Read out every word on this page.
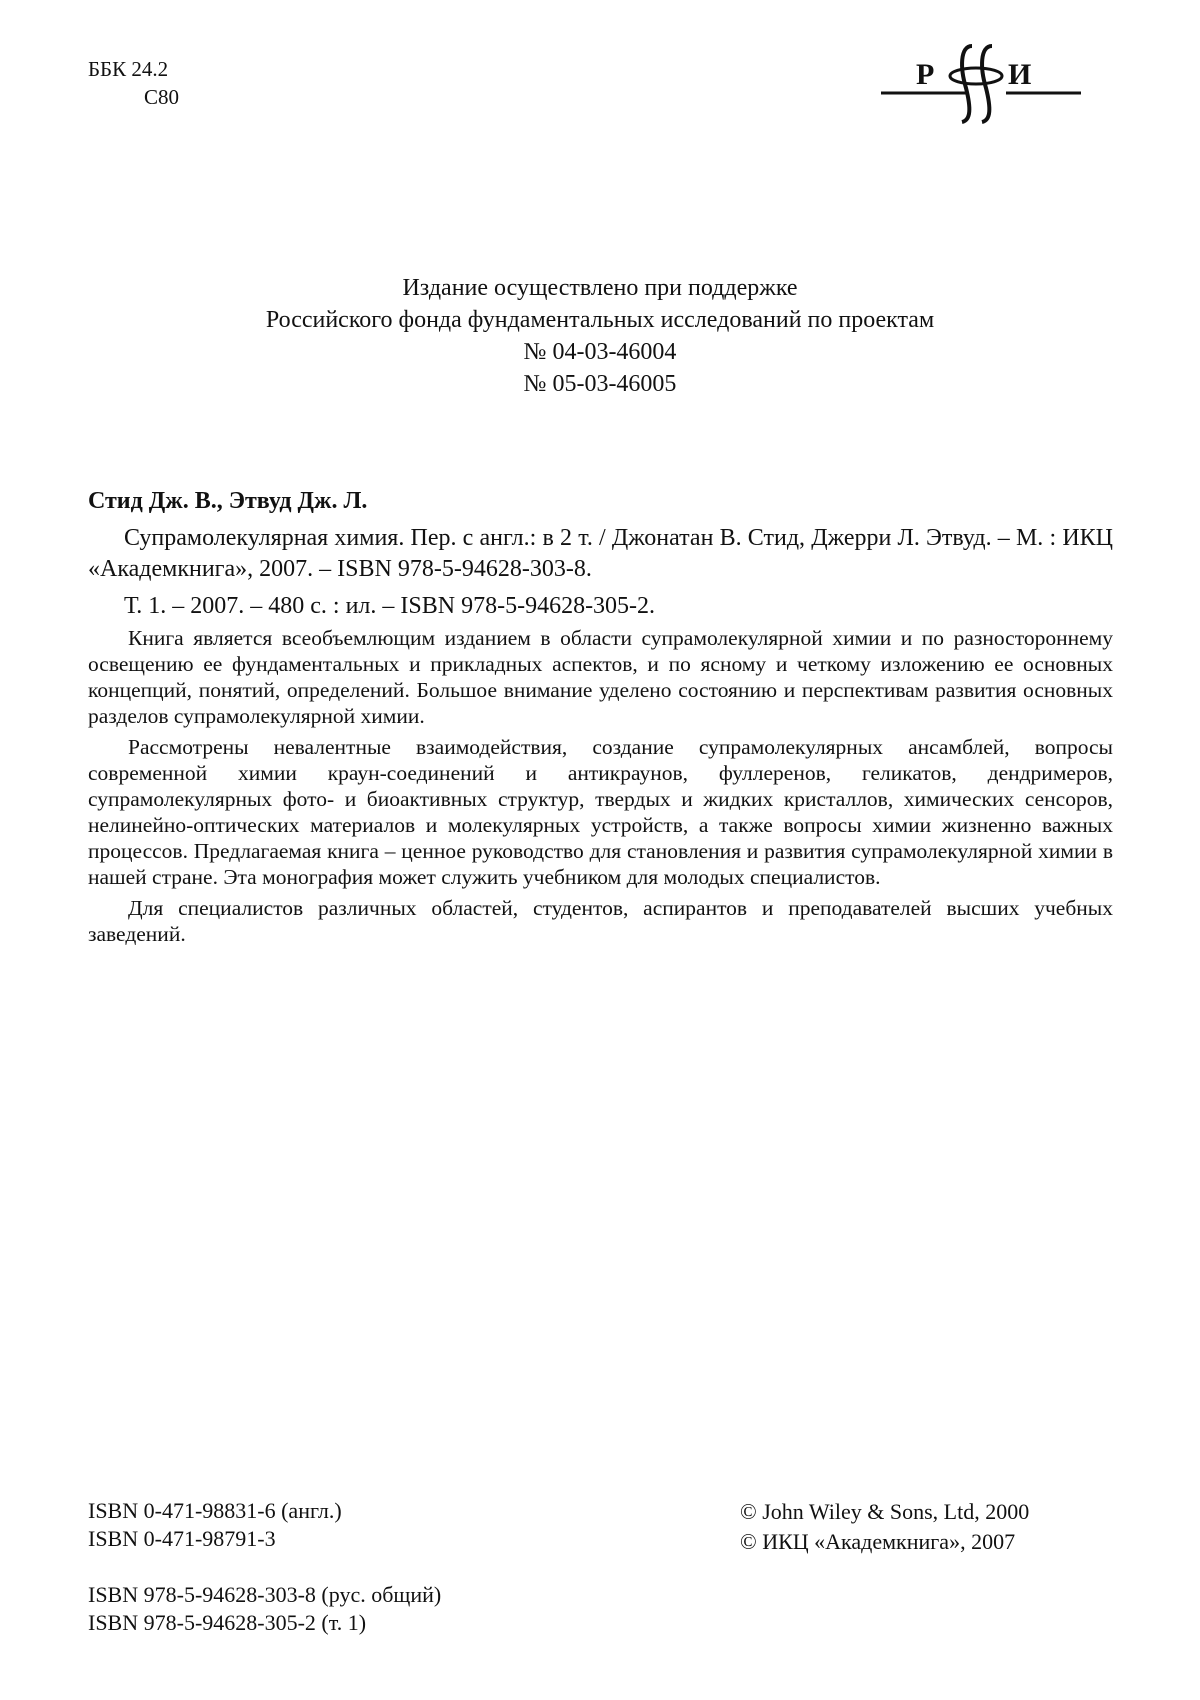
ББК 24.2
С80
Р И
Издание осуществлено при поддержке
Российского фонда фундаментальных исследований по проектам
№ 04-03-46004
№ 05-03-46005
Стид Дж. В., Этвуд Дж. Л.

Супрамолекулярная химия. Пер. с англ.: в 2 т. / Джонатан В. Стид, Джерри Л. Этвуд. – М. : ИКЦ «Академкнига», 2007. – ISBN 978-5-94628-303-8.

Т. 1. – 2007. – 480 с. : ил. – ISBN 978-5-94628-305-2.

Книга является всеобъемлющим изданием в области супрамолекулярной химии и по разностороннему освещению ее фундаментальных и прикладных аспектов, и по ясному и четкому изложению ее основных концепций, понятий, определений. Большое внимание уделено состоянию и перспективам развития основных разделов супрамолекулярной химии.

Рассмотрены невалентные взаимодействия, создание супрамолекулярных ансамблей, вопросы современной химии краун-соединений и антикраунов, фуллеренов, геликатов, дендримеров, супрамолекулярных фото- и биоактивных структур, твердых и жидких кристаллов, химических сенсоров, нелинейно-оптических материалов и молекулярных устройств, а также вопросы химии жизненно важных процессов. Предлагаемая книга – ценное руководство для становления и развития супрамолекулярной химии в нашей стране. Эта монография может служить учебником для молодых специалистов.

Для специалистов различных областей, студентов, аспирантов и преподавателей высших учебных заведений.

ISBN 0-471-98831-6 (англ.)
ISBN 0-471-98791-3
ISBN 978-5-94628-303-8 (рус. общий)
ISBN 978-5-94628-305-2 (т. 1)
© John Wiley & Sons, Ltd, 2000
© ИКЦ «Академкнига», 2007
